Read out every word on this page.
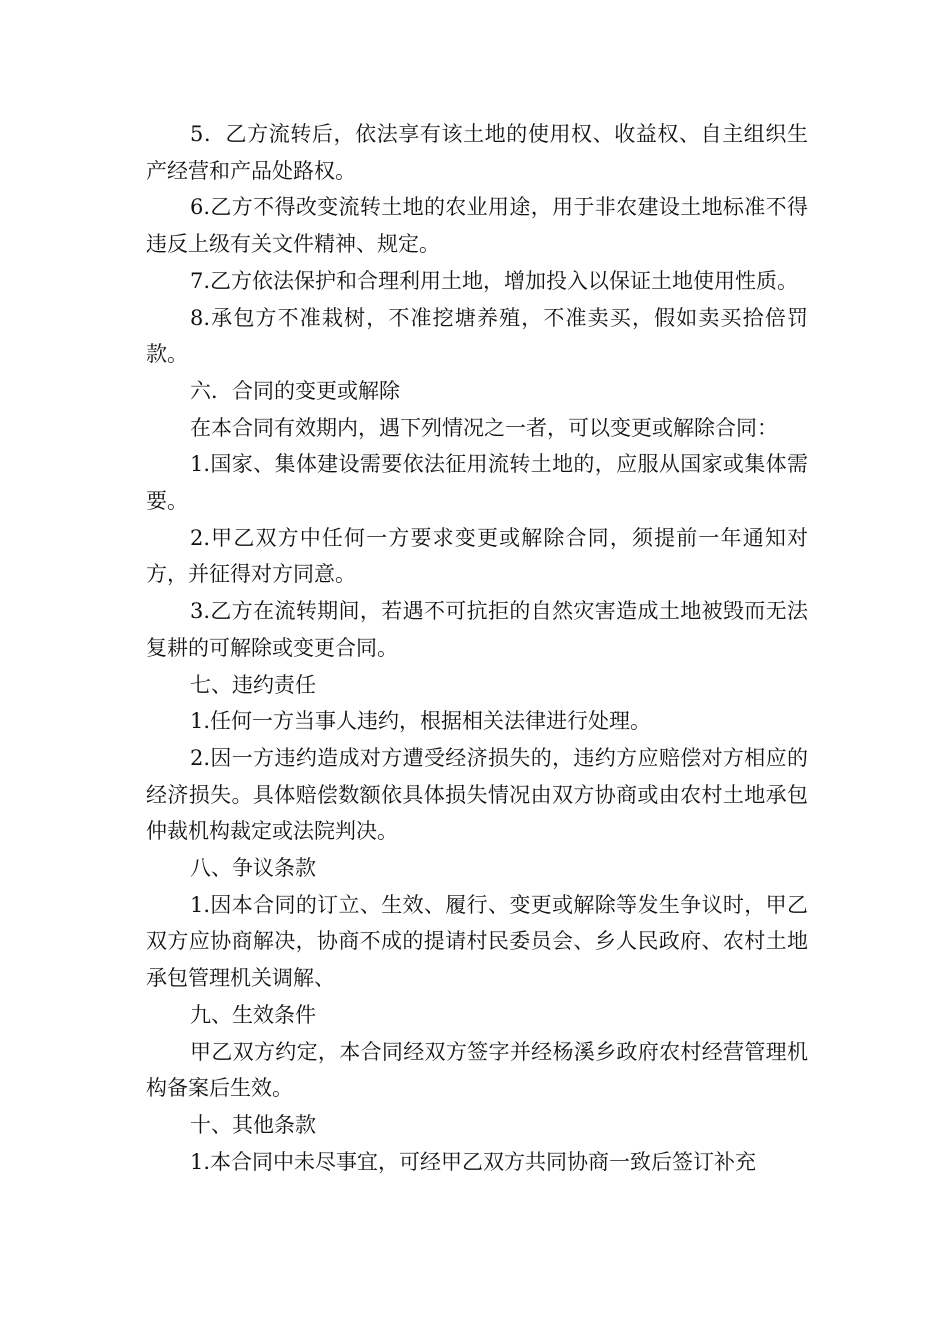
5．乙方流转后，依法享有该土地的使用权、收益权、自主组织生产经营和产品处路权。

6.乙方不得改变流转土地的农业用途，用于非农建设土地标准不得违反上级有关文件精神、规定。

7.乙方依法保护和合理利用土地，增加投入以保证土地使用性质。

8.承包方不准栽树，不准挖塘养殖，不准卖买，假如卖买拾倍罚款。

六．合同的变更或解除

在本合同有效期内，遇下列情况之一者，可以变更或解除合同：

1.国家、集体建设需要依法征用流转土地的，应服从国家或集体需要。

2.甲乙双方中任何一方要求变更或解除合同，须提前一年通知对方，并征得对方同意。

3.乙方在流转期间，若遇不可抗拒的自然灾害造成土地被毁而无法复耕的可解除或变更合同。

七、违约责任

1.任何一方当事人违约，根据相关法律进行处理。

2.因一方违约造成对方遭受经济损失的，违约方应赔偿对方相应的经济损失。具体赔偿数额依具体损失情况由双方协商或由农村土地承包仲裁机构裁定或法院判决。

八、争议条款

1.因本合同的订立、生效、履行、变更或解除等发生争议时，甲乙双方应协商解决，协商不成的提请村民委员会、乡人民政府、农村土地承包管理机关调解、

九、生效条件

甲乙双方约定，本合同经双方签字并经杨溪乡政府农村经营管理机构备案后生效。

十、其他条款

1.本合同中未尽事宜，可经甲乙双方共同协商一致后签订补充
